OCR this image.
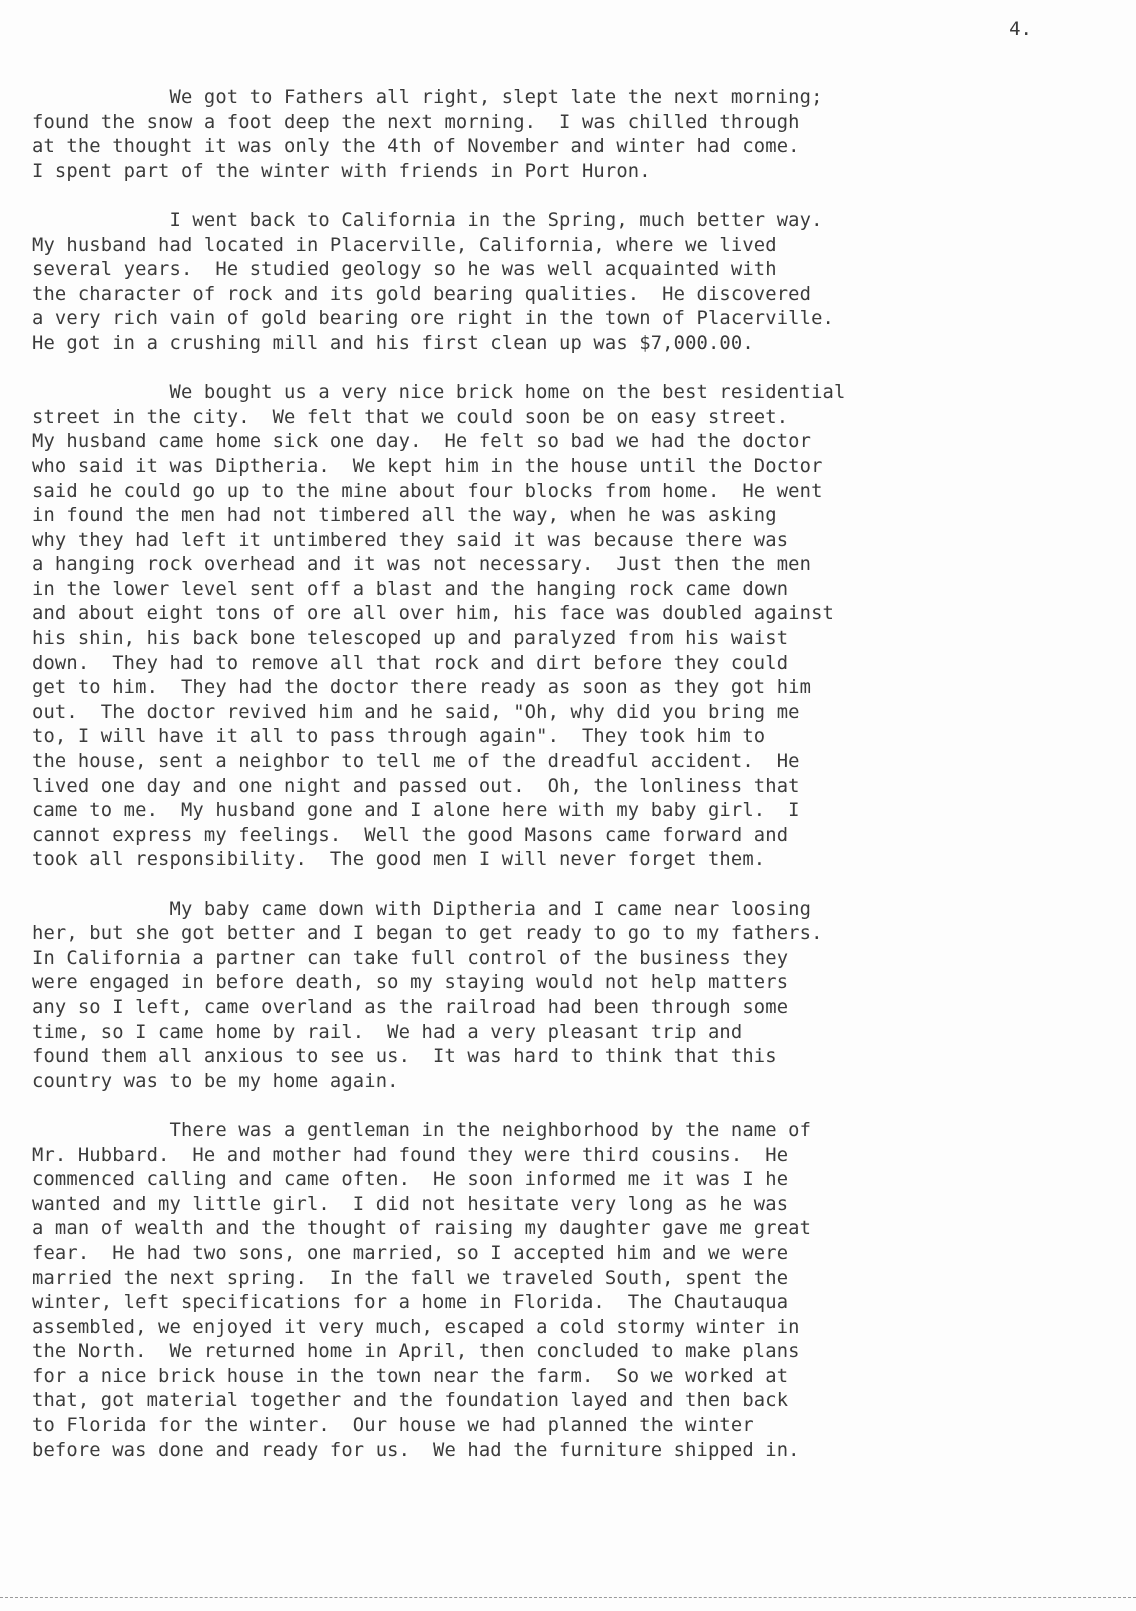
4.
We got to Fathers all right, slept late the next morning;
found the snow a foot deep the next morning.  I was chilled through
at the thought it was only the 4th of November and winter had come.
I spent part of the winter with friends in Port Huron.
I went back to California in the Spring, much better way.
My husband had located in Placerville, California, where we lived
several years.  He studied geology so he was well acquainted with
the character of rock and its gold bearing qualities.  He discovered
a very rich vain of gold bearing ore right in the town of Placerville.
He got in a crushing mill and his first clean up was $7,000.00.
We bought us a very nice brick home on the best residential
street in the city.  We felt that we could soon be on easy street.
My husband came home sick one day.  He felt so bad we had the doctor
who said it was Diptheria.  We kept him in the house until the Doctor
said he could go up to the mine about four blocks from home.  He went
in found the men had not timbered all the way, when he was asking
why they had left it untimbered they said it was because there was
a hanging rock overhead and it was not necessary.  Just then the men
in the lower level sent off a blast and the hanging rock came down
and about eight tons of ore all over him, his face was doubled against
his shin, his back bone telescoped up and paralyzed from his waist
down.  They had to remove all that rock and dirt before they could
get to him.  They had the doctor there ready as soon as they got him
out.  The doctor revived him and he said, "Oh, why did you bring me
to, I will have it all to pass through again".  They took him to
the house, sent a neighbor to tell me of the dreadful accident.  He
lived one day and one night and passed out.  Oh, the lonliness that
came to me.  My husband gone and I alone here with my baby girl.  I
cannot express my feelings.  Well the good Masons came forward and
took all responsibility.  The good men I will never forget them.
My baby came down with Diptheria and I came near loosing
her, but she got better and I began to get ready to go to my fathers.
In California a partner can take full control of the business they
were engaged in before death, so my staying would not help matters
any so I left, came overland as the railroad had been through some
time, so I came home by rail.  We had a very pleasant trip and
found them all anxious to see us.  It was hard to think that this
country was to be my home again.
There was a gentleman in the neighborhood by the name of
Mr. Hubbard.  He and mother had found they were third cousins.  He
commenced calling and came often.  He soon informed me it was I he
wanted and my little girl.  I did not hesitate very long as he was
a man of wealth and the thought of raising my daughter gave me great
fear.  He had two sons, one married, so I accepted him and we were
married the next spring.  In the fall we traveled South, spent the
winter, left specifications for a home in Florida.  The Chautauqua
assembled, we enjoyed it very much, escaped a cold stormy winter in
the North.  We returned home in April, then concluded to make plans
for a nice brick house in the town near the farm.  So we worked at
that, got material together and the foundation layed and then back
to Florida for the winter.  Our house we had planned the winter
before was done and ready for us.  We had the furniture shipped in.
